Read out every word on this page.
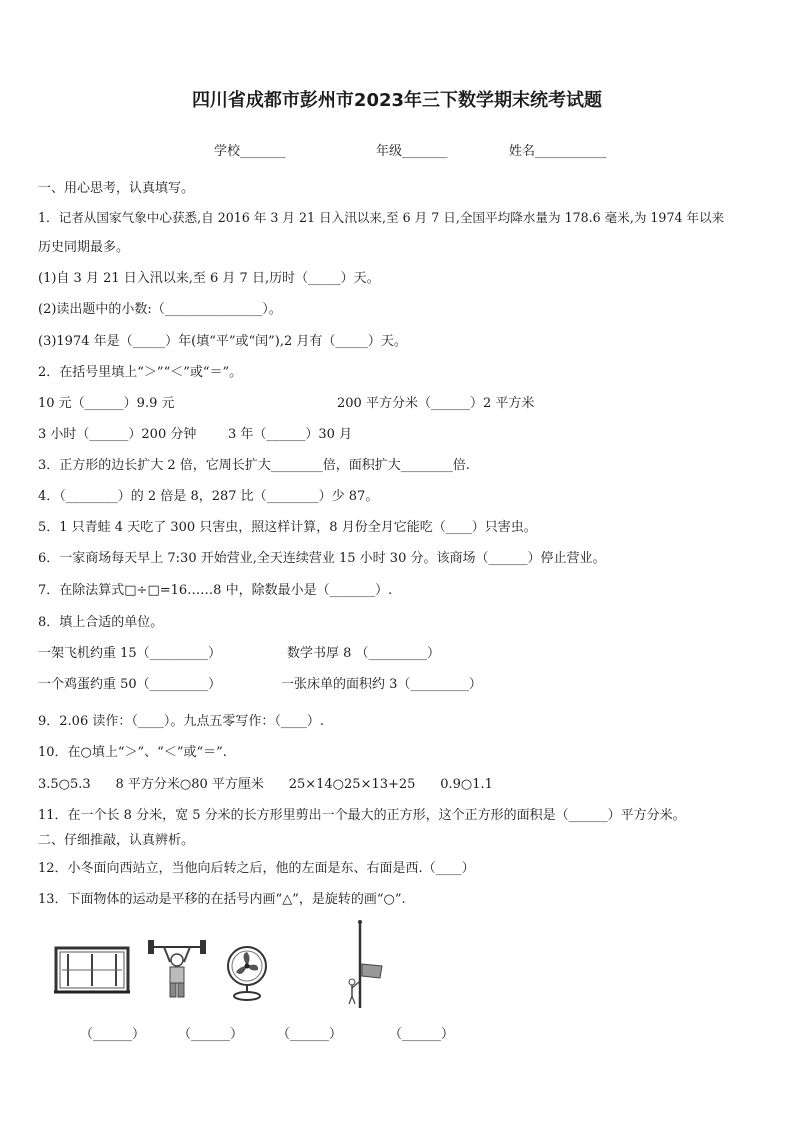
四川省成都市彭州市2023年三下数学期末统考试题
学校_______	年级_______	姓名___________
一、用心思考，认真填写。
1．记者从国家气象中心获悉,自 2016 年 3 月 21 日入汛以来,至 6 月 7 日,全国平均降水量为 178.6 毫米,为 1974 年以来
历史同期最多。
(1)自 3 月 21 日入汛以来,至 6 月 7 日,历时（_____）天。
(2)读出题中的小数:（_______________）。
(3)1974 年是（_____）年(填“平”或“闰”),2 月有（_____）天。
2．在括号里填上“＞”“＜”或“＝”。
10 元（______）9.9 元	200 平方分米（______）2 平方米
3 小时（______）200 分钟 3 年（______）30 月
3．正方形的边长扩大 2 倍，它周长扩大________倍，面积扩大________倍.
4．（________）的 2 倍是 8，287 比（________）少 87。
5．1 只青蛙 4 天吃了 300 只害虫，照这样计算，8 月份全月它能吃（____）只害虫。
6．一家商场每天早上 7:30 开始营业,全天连续营业 15 小时 30 分。该商场（______）停止营业。
7．在除法算式□÷□=16……8 中，除数最小是（_______）.
8．填上合适的单位。
一架飞机约重 15（_________）	数学书厚 8 （_________）
一个鸡蛋约重 50（_________）	一张床单的面积约 3（_________）
9．2.06 读作：（____）。九点五零写作：（____）.
10．在○填上“＞”、“＜”或“＝”.
3.5○5.3      8 平方分米○80 平方厘米      25×14○25×13+25      0.9○1.1
11．在一个长 8 分米，宽 5 分米的长方形里剪出一个最大的正方形，这个正方形的面积是（______）平方分米。
二、仔细推敲，认真辨析。
12．小冬面向西站立，当他向后转之后，他的左面是东、右面是西.（____）
13．下面物体的运动是平移的在括号内画“△”，是旋转的画“○”.
（______）	（______）	（______）	（______）
